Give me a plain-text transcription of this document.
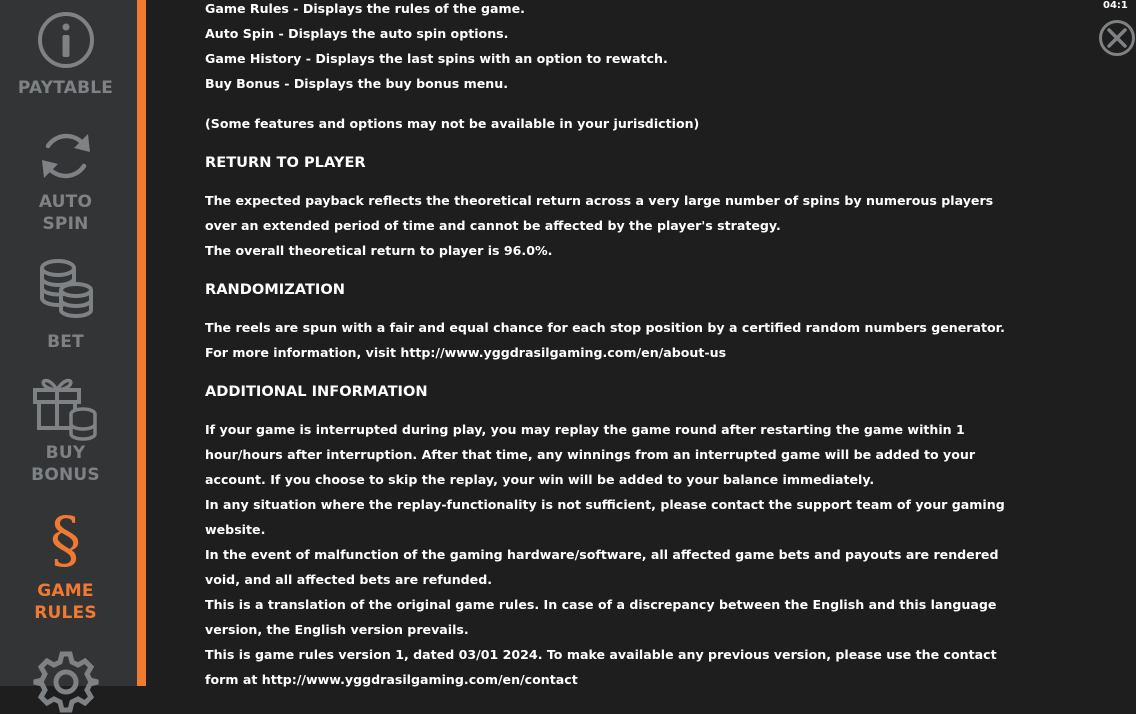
PAYTABLE
AUTO
SPIN
BET
BUY
BONUS
§
GAME
RULES

Game Rules - Displays the rules of the game.

Auto Spin - Displays the auto spin options.

Game History - Displays the last spins with an option to rewatch.

Buy Bonus - Displays the buy bonus menu.

(Some features and options may not be available in your jurisdiction)

RETURN TO PLAYER

The expected payback reflects the theoretical return across a very large number of spins by numerous players over an extended period of time and cannot be affected by the player's strategy.

The overall theoretical return to player is 96.0%.

RANDOMIZATION

The reels are spun with a fair and equal chance for each stop position by a certified random numbers generator. For more information, visit http://www.yggdrasilgaming.com/en/about-us

ADDITIONAL INFORMATION

If your game is interrupted during play, you may replay the game round after restarting the game within 1 hour/hours after interruption. After that time, any winnings from an interrupted game will be added to your account. If you choose to skip the replay, your win will be added to your balance immediately.

In any situation where the replay-functionality is not sufficient, please contact the support team of your gaming website.

In the event of malfunction of the gaming hardware/software, all affected game bets and payouts are rendered void, and all affected bets are refunded.

This is a translation of the original game rules. In case of a discrepancy between the English and this language version, the English version prevails.

This is game rules version 1, dated 03/01 2024. To make available any previous version, please use the contact form at http://www.yggdrasilgaming.com/en/contact

04:1
